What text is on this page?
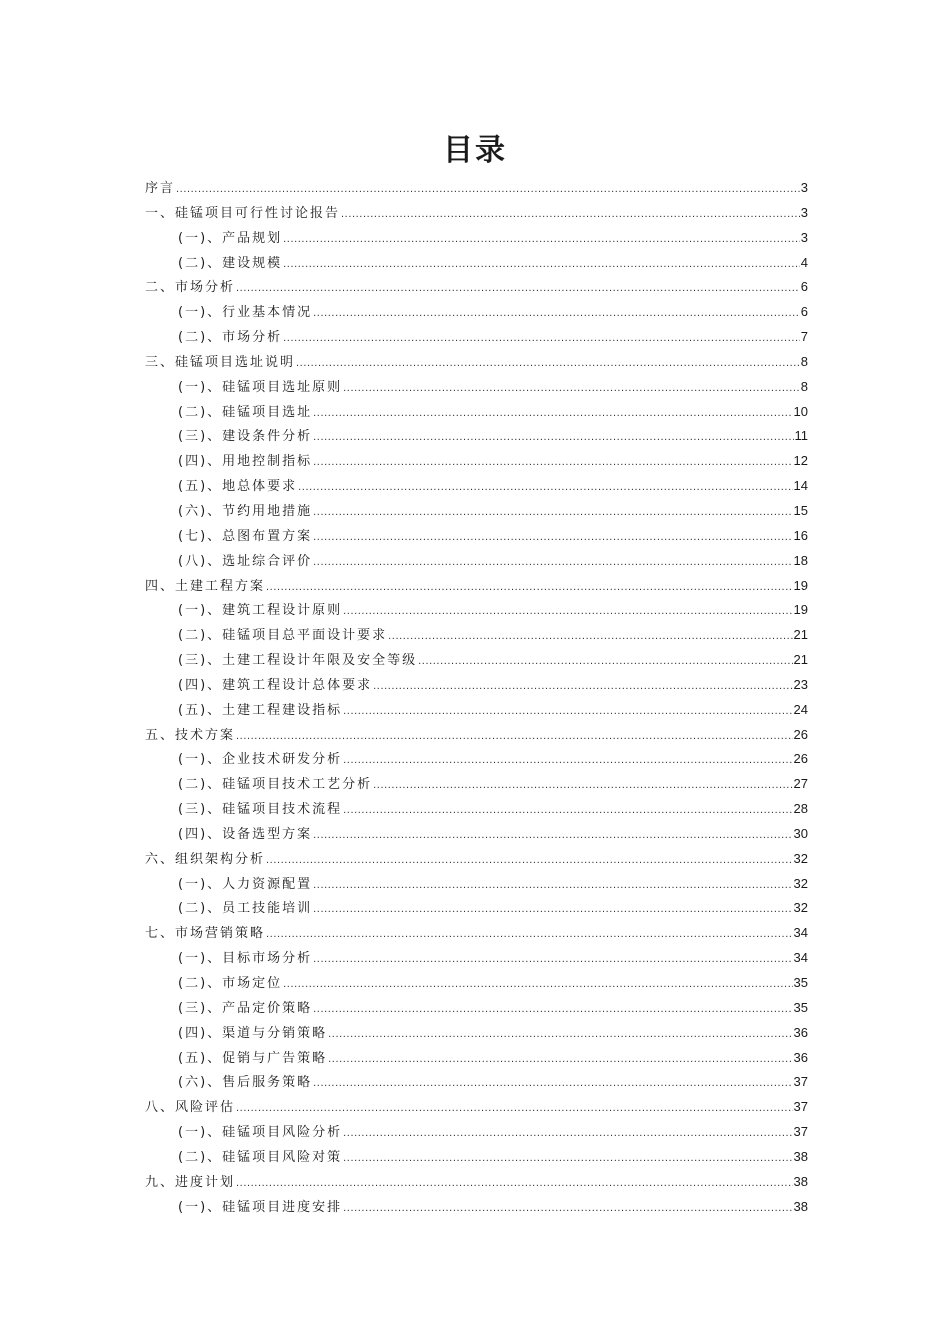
目录
序言 .....	3
一、硅锰项目可行性讨论报告 .....	3
(一)、产品规划 .....	3
(二)、建设规模 .....	4
二、市场分析 .....	6
(一)、行业基本情况 .....	6
(二)、市场分析 .....	7
三、硅锰项目选址说明 .....	8
(一)、硅锰项目选址原则 .....	8
(二)、硅锰项目选址 .....	10
(三)、建设条件分析 .....	11
(四)、用地控制指标 .....	12
(五)、地总体要求 .....	14
(六)、节约用地措施 .....	15
(七)、总图布置方案 .....	16
(八)、选址综合评价 .....	18
四、土建工程方案 .....	19
(一)、建筑工程设计原则 .....	19
(二)、硅锰项目总平面设计要求 .....	21
(三)、土建工程设计年限及安全等级 .....	21
(四)、建筑工程设计总体要求 .....	23
(五)、土建工程建设指标 .....	24
五、技术方案 .....	26
(一)、企业技术研发分析 .....	26
(二)、硅锰项目技术工艺分析 .....	27
(三)、硅锰项目技术流程 .....	28
(四)、设备选型方案 .....	30
六、组织架构分析 .....	32
(一)、人力资源配置 .....	32
(二)、员工技能培训 .....	32
七、市场营销策略 .....	34
(一)、目标市场分析 .....	34
(二)、市场定位 .....	35
(三)、产品定价策略 .....	35
(四)、渠道与分销策略 .....	36
(五)、促销与广告策略 .....	36
(六)、售后服务策略 .....	37
八、风险评估 .....	37
(一)、硅锰项目风险分析 .....	37
(二)、硅锰项目风险对策 .....	38
九、进度计划 .....	38
(一)、硅锰项目进度安排 .....	38
